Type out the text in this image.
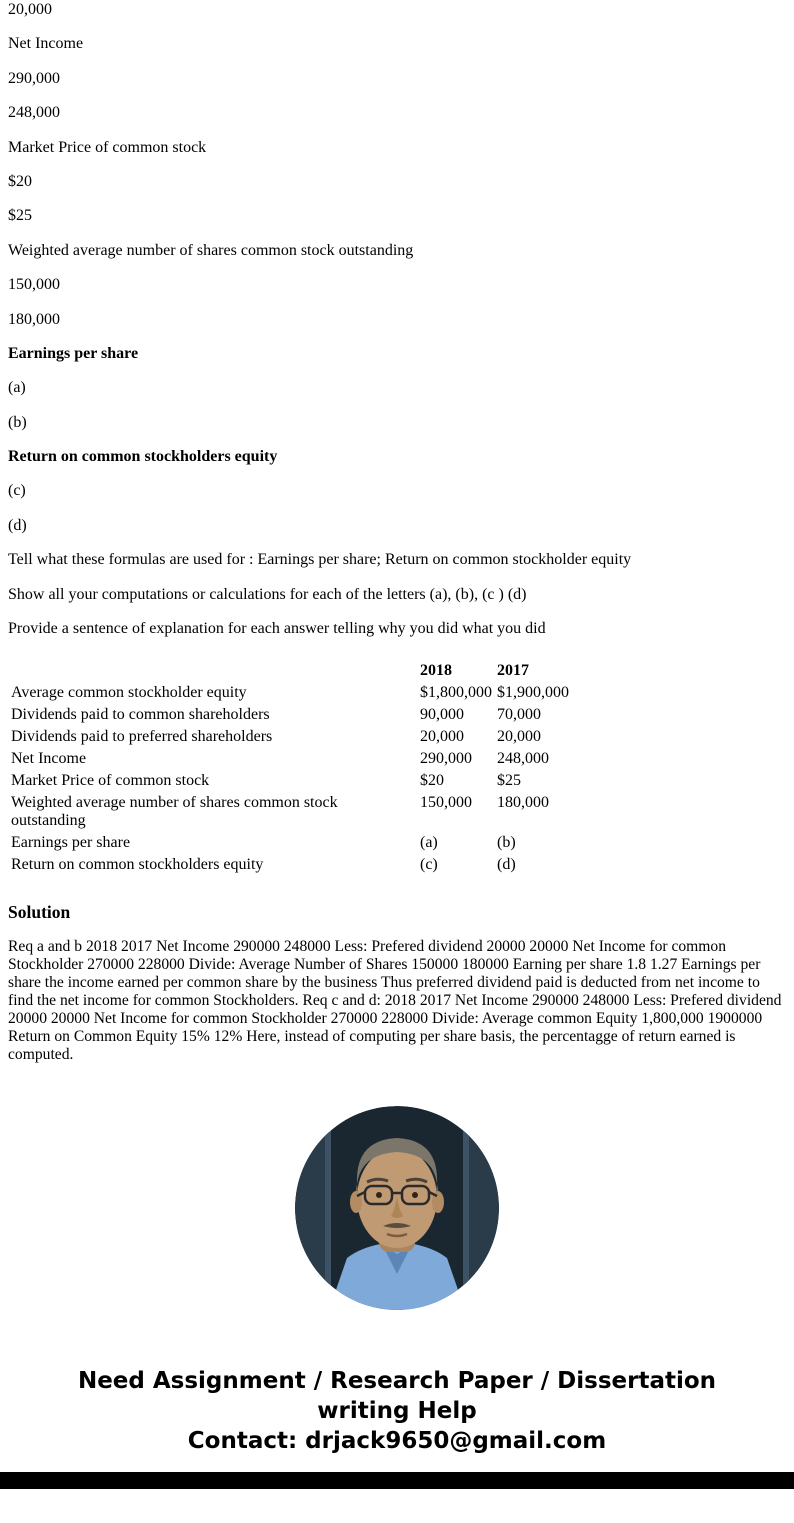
20,000

Net Income

290,000

248,000

Market Price of common stock

$20

$25

Weighted average number of shares common stock outstanding

150,000

180,000

Earnings per share

(a)

(b)

Return on common stockholders equity

(c)

(d)

Tell what these formulas are used for : Earnings per share; Return on common stockholder equity

Show all your computations or calculations for each of the letters (a), (b), (c ) (d)

Provide a sentence of explanation for each answer telling why you did what you did

	2018	2017
Average common stockholder equity	$1,800,000	$1,900,000
Dividends paid to common shareholders	90,000	70,000
Dividends paid to preferred shareholders	20,000	20,000
Net Income	290,000	248,000
Market Price of common stock	$20	$25
Weighted average number of shares common stock outstanding	150,000	180,000
Earnings per share	(a)	(b)
Return on common stockholders equity	(c)	(d)
Solution

Req a and b 2018 2017 Net Income 290000 248000 Less: Prefered dividend 20000 20000 Net Income for common Stockholder 270000 228000 Divide: Average Number of Shares 150000 180000 Earning per share 1.8 1.27 Earnings per share the income earned per common share by the business Thus preferred dividend paid is deducted from net income to find the net income for common Stockholders. Req c and d: 2018 2017 Net Income 290000 248000 Less: Prefered dividend 20000 20000 Net Income for common Stockholder 270000 228000 Divide: Average common Equity 1,800,000 1900000 Return on Common Equity 15% 12% Here, instead of computing per share basis, the percentagge of return earned is computed.

Need Assignment / Research Paper / Dissertation writing Help
Contact: drjack9650@gmail.com
